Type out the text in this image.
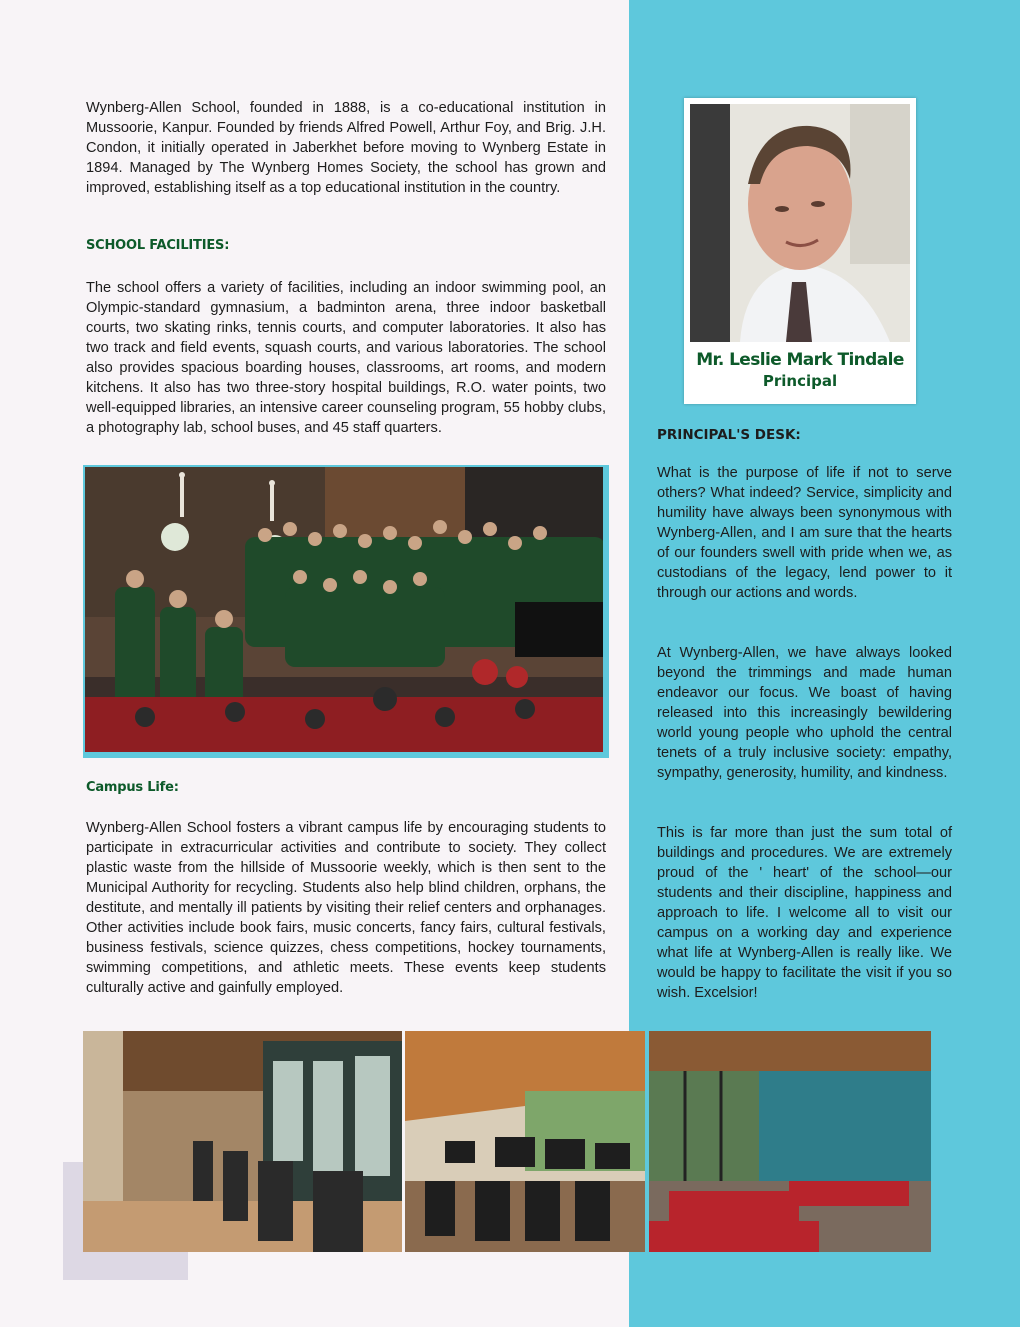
Wynberg-Allen School, founded in 1888, is a co-educational institution in Mussoorie, Kanpur. Founded by friends Alfred Powell, Arthur Foy, and Brig. J.H. Condon, it initially operated in Jaberkhet before moving to Wynberg Estate in 1894. Managed by The Wynberg Homes Society, the school has grown and improved, establishing itself as a top educational institution in the country.

SCHOOL FACILITIES:

The school offers a variety of facilities, including an indoor swimming pool, an Olympic-standard gymnasium, a badminton arena, three indoor basketball courts, two skating rinks, tennis courts, and computer laboratories. It also has two track and field events, squash courts, and various laboratories. The school also provides spacious boarding houses, classrooms, art rooms, and modern kitchens. It also has two three-story hospital buildings, R.O. water points, two well-equipped libraries, an intensive career counseling program, 55 hobby clubs, a photography lab, school buses, and 45 staff quarters.

Campus Life:

Wynberg-Allen School fosters a vibrant campus life by encouraging students to participate in extracurricular activities and contribute to society. They collect plastic waste from the hillside of Mussoorie weekly, which is then sent to the Municipal Authority for recycling. Students also help blind children, orphans, the destitute, and mentally ill patients by visiting their relief centers and orphanages. Other activities include book fairs, music concerts, fancy fairs, cultural festivals, business festivals, science quizzes, chess competitions, hockey tournaments, swimming competitions, and athletic meets. These events keep students culturally active and gainfully employed.

Mr. Leslie Mark Tindale
Principal
PRINCIPAL'S DESK:

What is the purpose of life if not to serve others? What indeed? Service, simplicity and humility have always been synonymous with Wynberg-Allen, and I am sure that the hearts of our founders swell with pride when we, as custodians of the legacy, lend power to it through our actions and words.

At Wynberg-Allen, we have always looked beyond the trimmings and made human endeavor our focus. We boast of having released into this increasingly bewildering world young people who uphold the central tenets of a truly inclusive society: empathy, sympathy, generosity, humility, and kindness.

This is far more than just the sum total of buildings and procedures. We are extremely proud of the ' heart' of the school—our students and their discipline, happiness and approach to life. I welcome all to visit our campus on a working day and experience what life at Wynberg-Allen is really like. We would be happy to facilitate the visit if you so wish. Excelsior!
